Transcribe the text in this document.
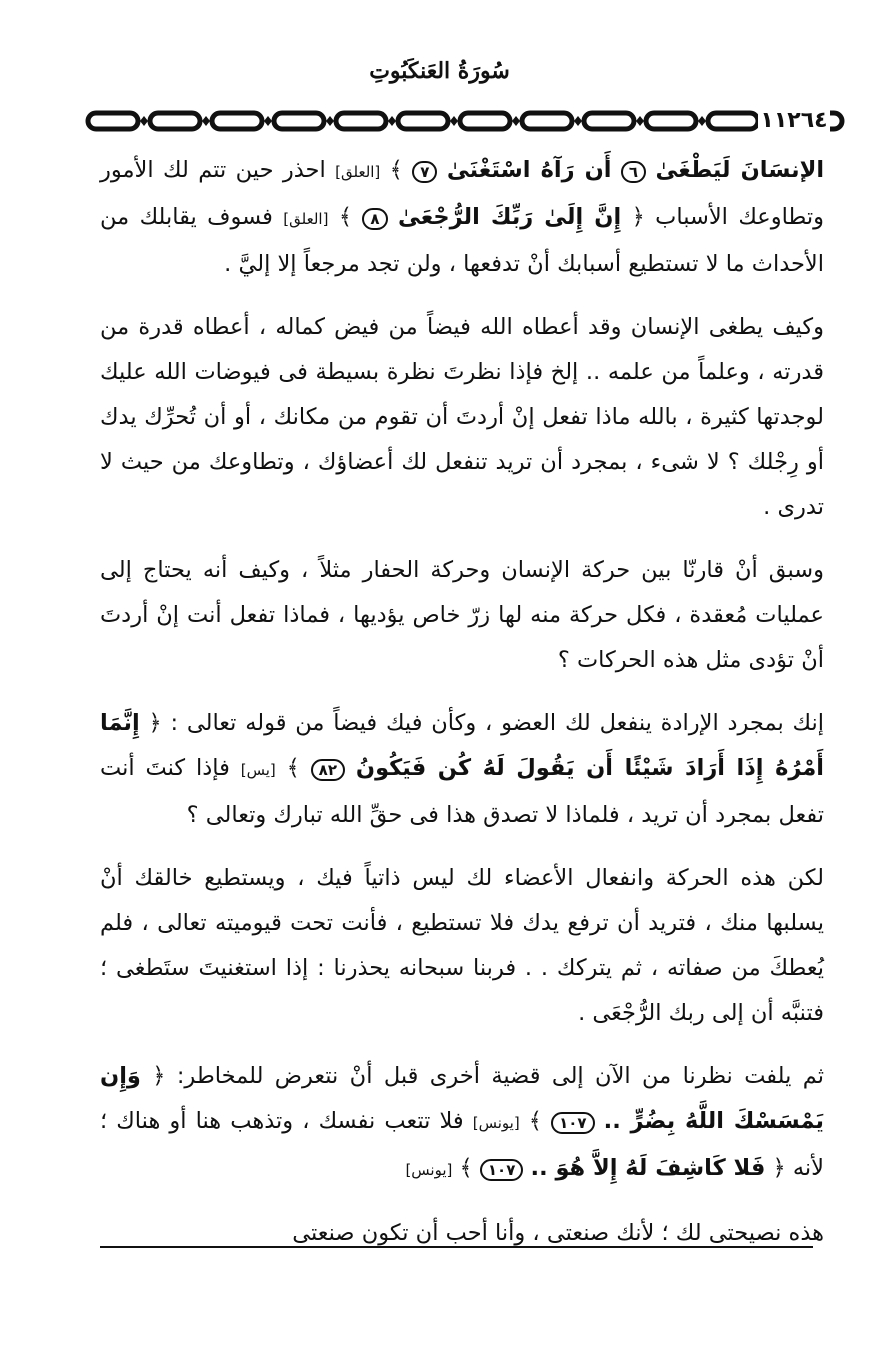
سُورَةُ العَنكَبُوتِ
١١٢٦٤

الإنسَانَ لَيَطْغَىٰ ٦ أَن رَآهُ اسْتَغْنَىٰ ٧ ﴾ [العلق] احذر حين تتم لك الأمور وتطاوعك الأسباب ﴿ إِنَّ إِلَىٰ رَبِّكَ الرُّجْعَىٰ ٨ ﴾ [العلق] فسوف يقابلك من الأحداث ما لا تستطيع أسبابك أنْ تدفعها ، ولن تجد مرجعاً إلا إليَّ .

وكيف يطغى الإنسان وقد أعطاه الله فيضاً من فيض كماله ، أعطاه قدرة من قدرته ، وعلماً من علمه .. إلخ فإذا نظرتَ نظرة بسيطة فى فيوضات الله عليك لوجدتها كثيرة ، بالله ماذا تفعل إنْ أردتَ أن تقوم من مكانك ، أو أن تُحرِّك يدك أو رِجْلك ؟ لا شىء ، بمجرد أن تريد تنفعل لك أعضاؤك ، وتطاوعك من حيث لا تدرى .

وسبق أنْ قارنّا بين حركة الإنسان وحركة الحفار مثلاً ، وكيف أنه يحتاج إلى عمليات مُعقدة ، فكل حركة منه لها زرّ خاص يؤديها ، فماذا تفعل أنت إنْ أردتَ أنْ تؤدى مثل هذه الحركات ؟

إنك بمجرد الإرادة ينفعل لك العضو ، وكأن فيك فيضاً من قوله تعالى : ﴿ إِنَّمَا أَمْرُهُ إِذَا أَرَادَ شَيْئًا أَن يَقُولَ لَهُ كُن فَيَكُونُ ٨٢ ﴾ [يس] فإذا كنتَ أنت تفعل بمجرد أن تريد ، فلماذا لا تصدق هذا فى حقِّ الله تبارك وتعالى ؟

لكن هذه الحركة وانفعال الأعضاء لك ليس ذاتياً فيك ، ويستطيع خالقك أنْ يسلبها منك ، فتريد أن ترفع يدك فلا تستطيع ، فأنت تحت قيوميته تعالى ، فلم يُعطكَ من صفاته ، ثم يتركك . . فربنا سبحانه يحذرنا : إذا استغنيتَ ستَطغى ؛ فتنبَّه أن إلى ربك الرُّجْعَى .

ثم يلفت نظرنا من الآن إلى قضية أخرى قبل أنْ نتعرض للمخاطر: ﴿ وَإِن يَمْسَسْكَ اللَّهُ بِضُرٍّ .. ١٠٧ ﴾ [يونس] فلا تتعب نفسك ، وتذهب هنا أو هناك ؛ لأنه ﴿ فَلا كَاشِفَ لَهُ إِلاَّ هُوَ .. ١٠٧ ﴾ [يونس]

هذه نصيحتى لك ؛ لأنك صنعتى ، وأنا أحب أن تكون صنعتى
